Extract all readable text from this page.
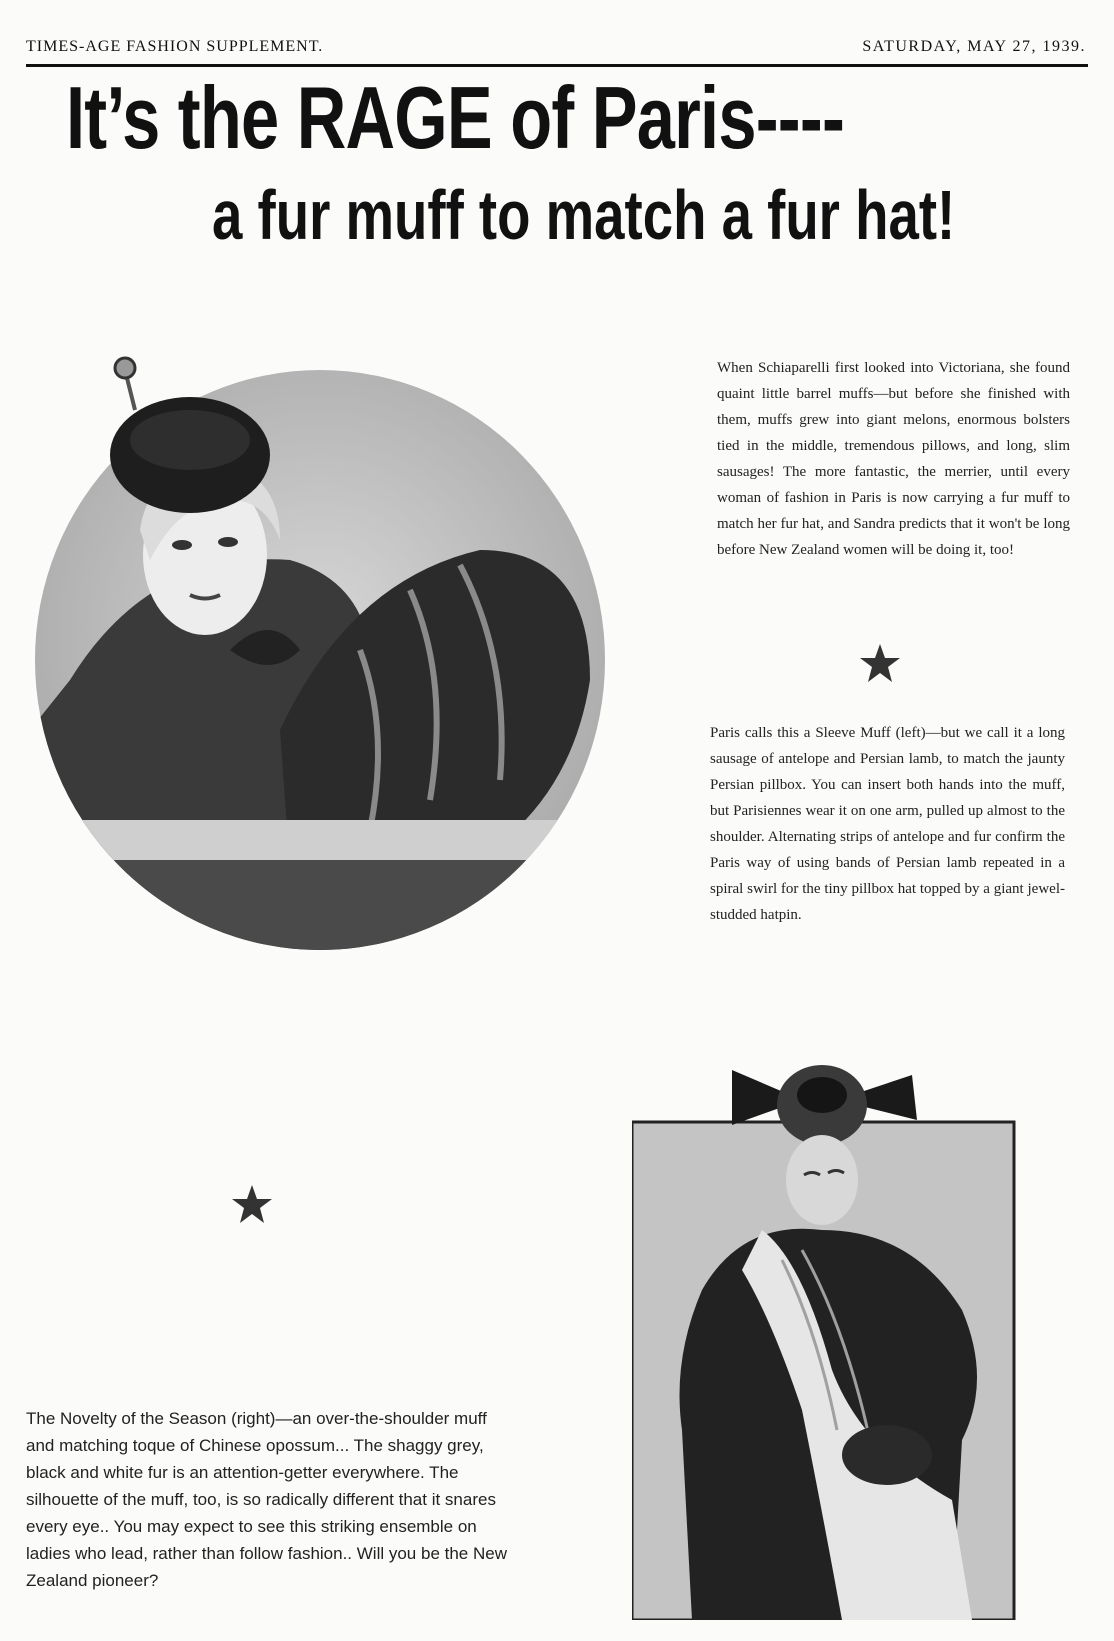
TIMES-AGE FASHION SUPPLEMENT.	SATURDAY, MAY 27, 1939.
It’s the RAGE of Paris----
a fur muff to match a fur hat!
When Schiaparelli first looked into Victoriana, she found quaint little barrel muffs—but before she finished with them, muffs grew into giant melons, enormous bolsters tied in the middle, tremendous pillows, and long, slim sausages! The more fantastic, the merrier, until every woman of fashion in Paris is now carrying a fur muff to match her fur hat, and Sandra predicts that it won't be long before New Zealand women will be doing it, too!
Paris calls this a Sleeve Muff (left)—but we call it a long sausage of antelope and Persian lamb, to match the jaunty Persian pillbox. You can insert both hands into the muff, but Parisiennes wear it on one arm, pulled up almost to the shoulder. Alternating strips of antelope and fur confirm the Paris way of using bands of Persian lamb repeated in a spiral swirl for the tiny pillbox hat topped by a giant jewel-studded hatpin.
The Novelty of the Season (right)—an over-the-shoulder muff and matching toque of Chinese opossum... The shaggy grey, black and white fur is an attention-getter everywhere. The silhouette of the muff, too, is so radically different that it snares every eye.. You may expect to see this striking ensemble on ladies who lead, rather than follow fashion.. Will you be the New Zealand pioneer?
